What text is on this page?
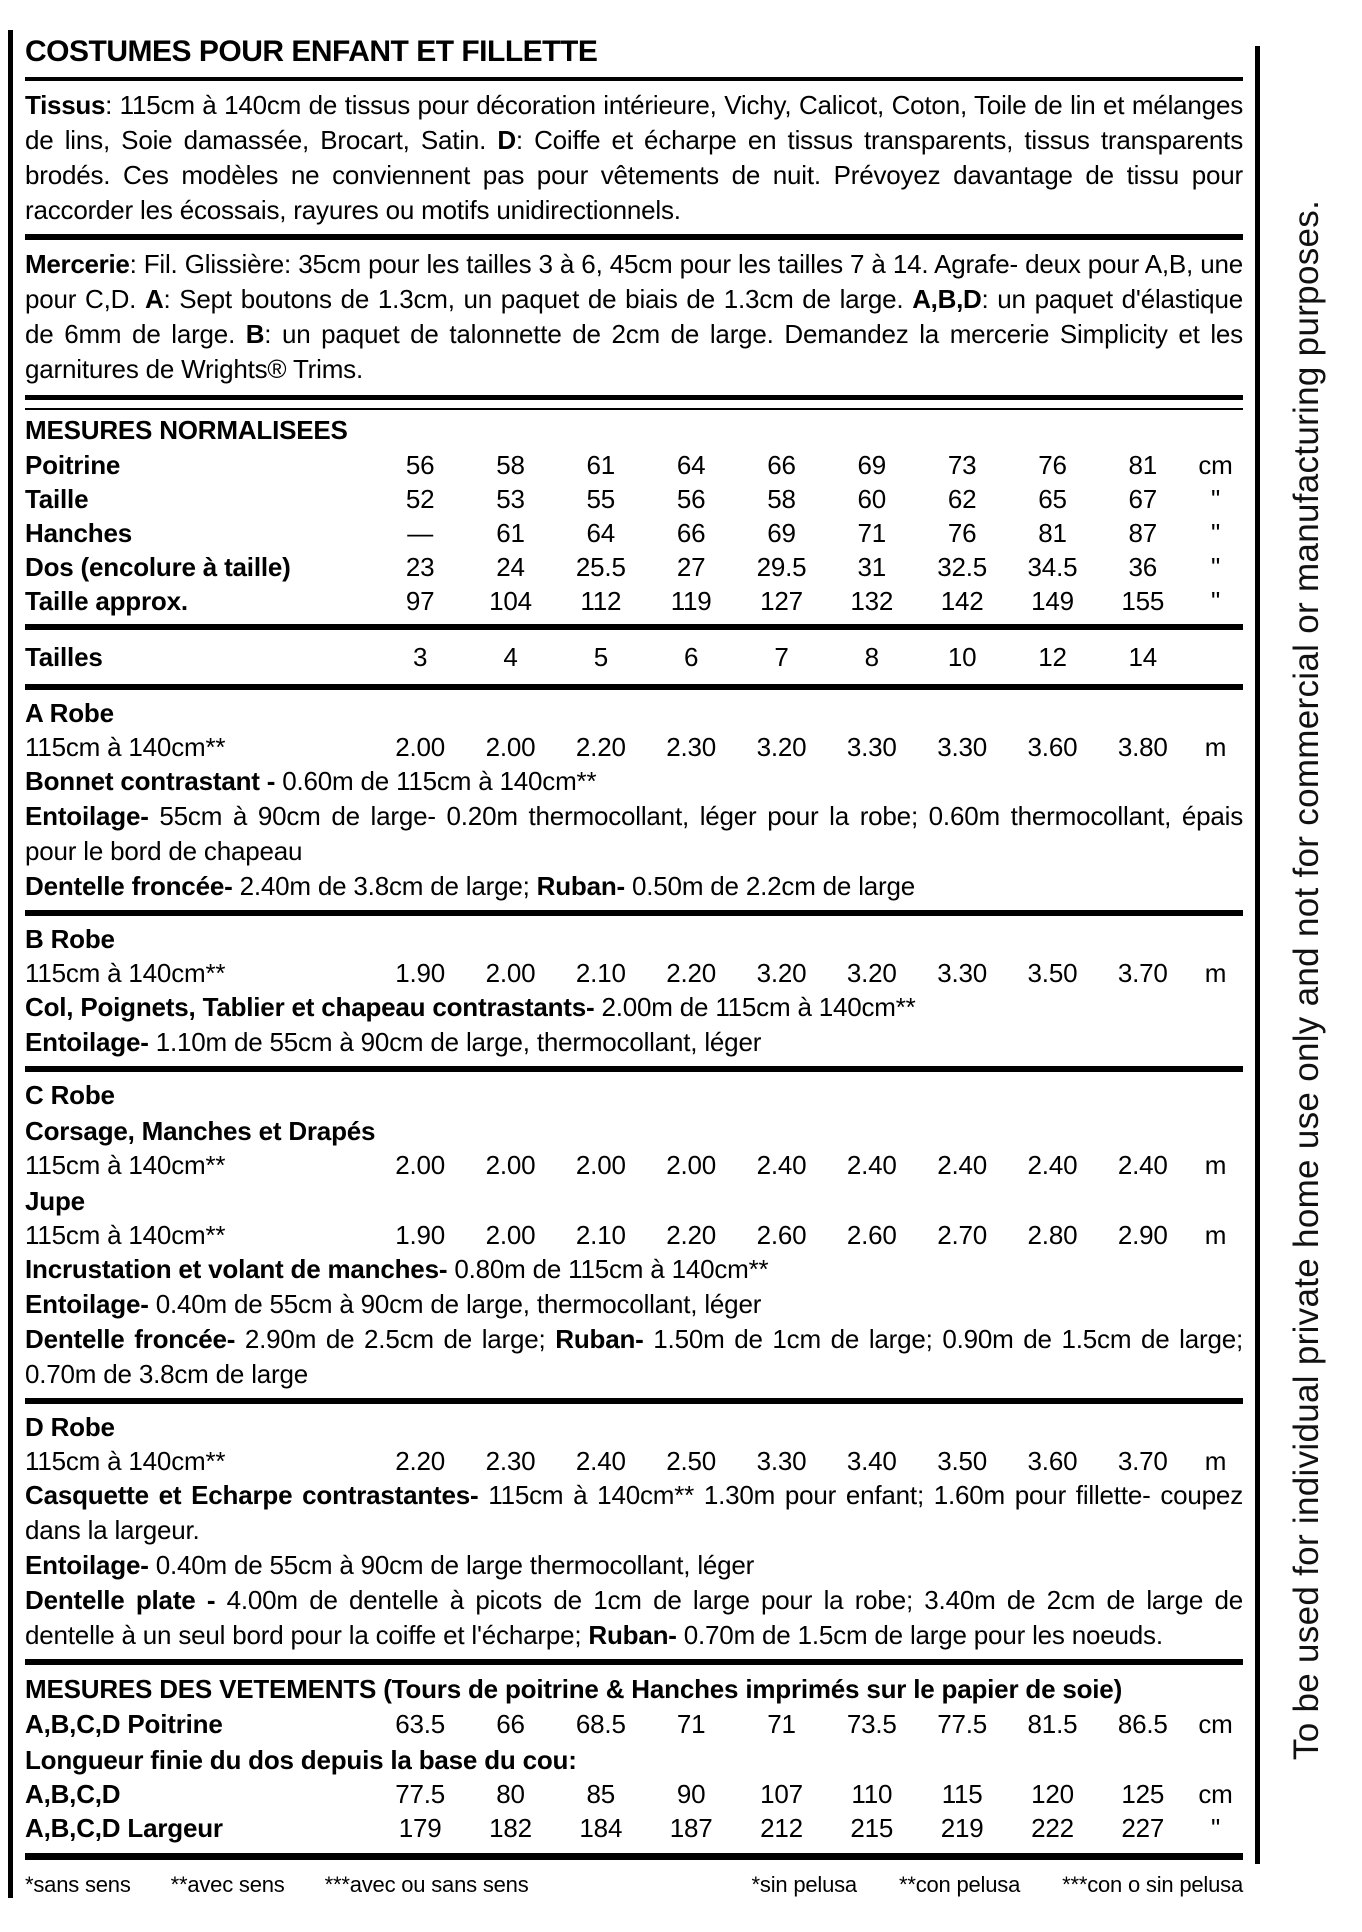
To be used for individual private home use only and not for commercial or manufacturing purposes.
COSTUMES POUR ENFANT ET FILLETTE

Tissus: 115cm à 140cm de tissus pour décoration intérieure, Vichy, Calicot, Coton, Toile de lin et mélanges de lins, Soie damassée, Brocart, Satin. D: Coiffe et écharpe en tissus transparents, tissus transparents brodés. Ces modèles ne conviennent pas pour vêtements de nuit. Prévoyez davantage de tissu pour raccorder les écossais, rayures ou motifs unidirectionnels.

Mercerie: Fil. Glissière: 35cm pour les tailles 3 à 6, 45cm pour les tailles 7 à 14. Agrafe- deux pour A,B, une pour C,D. A: Sept boutons de 1.3cm, un paquet de biais de 1.3cm de large. A,B,D: un paquet d'élastique de 6mm de large. B: un paquet de talonnette de 2cm de large. Demandez la mercerie Simplicity et les garnitures de Wrights® Trims.

MESURES NORMALISEES
Poitrine	56	58	61	64	66	69	73	76	81	cm
Taille	52	53	55	56	58	60	62	65	67	"
Hanches	—	61	64	66	69	71	76	81	87	"
Dos (encolure à taille)	23	24	25.5	27	29.5	31	32.5	34.5	36	"
Taille approx.	97	104	112	119	127	132	142	149	155	"
Tailles	3	4	5	6	7	8	10	12	14
A Robe
115cm à 140cm**	2.00	2.00	2.20	2.30	3.20	3.30	3.30	3.60	3.80	m
Bonnet contrastant - 0.60m de 115cm à 140cm**
Entoilage- 55cm à 90cm de large- 0.20m thermocollant, léger pour la robe; 0.60m thermocollant, épais pour le bord de chapeau
Dentelle froncée- 2.40m de 3.8cm de large; Ruban- 0.50m de 2.2cm de large
B Robe
115cm à 140cm**	1.90	2.00	2.10	2.20	3.20	3.20	3.30	3.50	3.70	m
Col, Poignets, Tablier et chapeau contrastants- 2.00m de 115cm à 140cm**
Entoilage- 1.10m de 55cm à 90cm de large, thermocollant, léger
C Robe
Corsage, Manches et Drapés
115cm à 140cm**	2.00	2.00	2.00	2.00	2.40	2.40	2.40	2.40	2.40	m
Jupe
115cm à 140cm**	1.90	2.00	2.10	2.20	2.60	2.60	2.70	2.80	2.90	m
Incrustation et volant de manches- 0.80m de 115cm à 140cm**
Entoilage- 0.40m de 55cm à 90cm de large, thermocollant, léger
Dentelle froncée- 2.90m de 2.5cm de large; Ruban- 1.50m de 1cm de large; 0.90m de 1.5cm de large; 0.70m de 3.8cm de large
D Robe
115cm à 140cm**	2.20	2.30	2.40	2.50	3.30	3.40	3.50	3.60	3.70	m
Casquette et Echarpe contrastantes- 115cm à 140cm** 1.30m pour enfant; 1.60m pour fillette- coupez dans la largeur.
Entoilage- 0.40m de 55cm à 90cm de large thermocollant, léger
Dentelle plate - 4.00m de dentelle à picots de 1cm de large pour la robe; 3.40m de 2cm de large de dentelle à un seul bord pour la coiffe et l'écharpe; Ruban- 0.70m de 1.5cm de large pour les noeuds.
MESURES DES VETEMENTS (Tours de poitrine & Hanches imprimés sur le papier de soie)
A,B,C,D Poitrine	63.5	66	68.5	71	71	73.5	77.5	81.5	86.5	cm
Longueur finie du dos depuis la base du cou:
A,B,C,D	77.5	80	85	90	107	110	115	120	125	cm
A,B,C,D Largeur	179	182	184	187	212	215	219	222	227	"
*sans sens **avec sens ***avec ou sans sens	*sin pelusa **con pelusa ***con o sin pelusa
